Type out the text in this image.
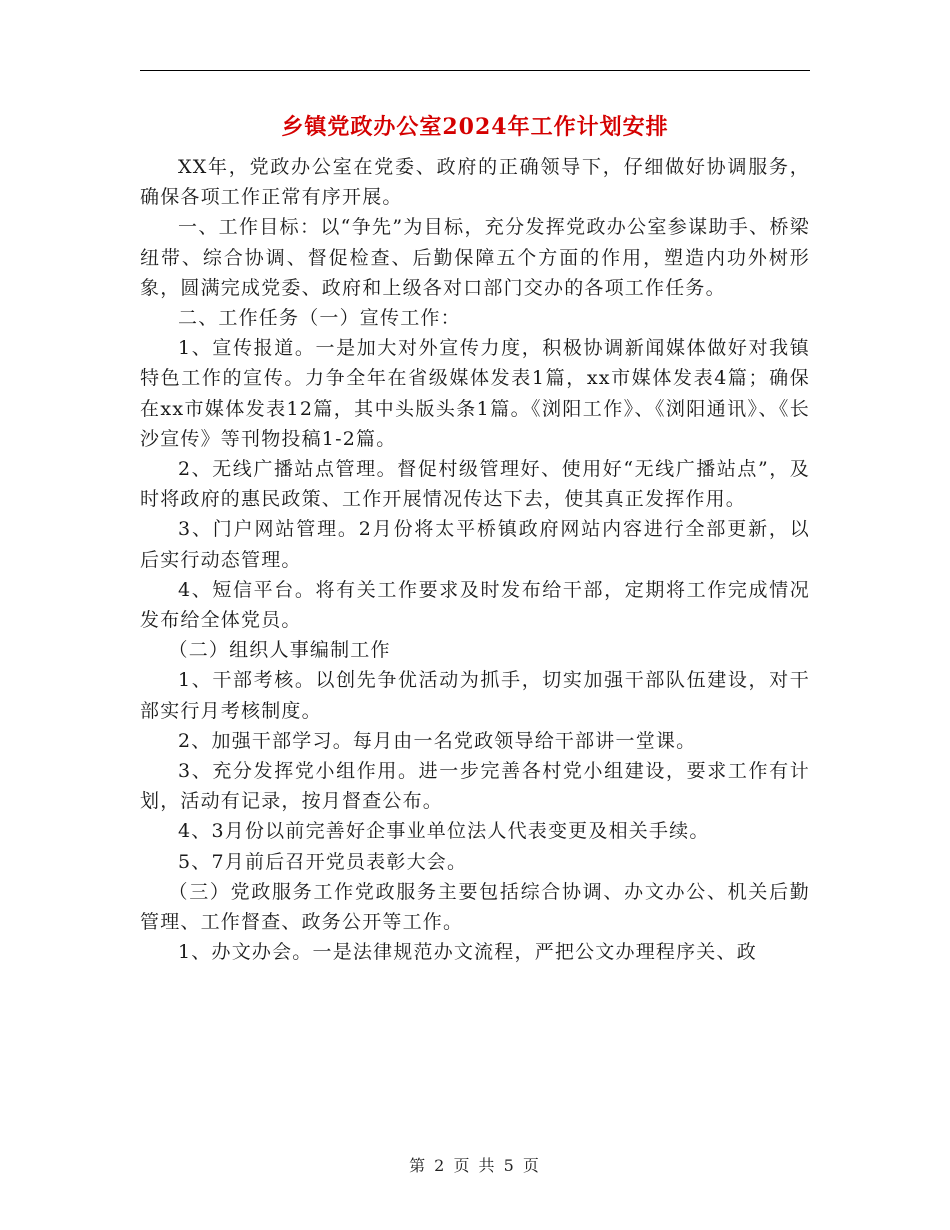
乡镇党政办公室2024年工作计划安排

XX年，党政办公室在党委、政府的正确领导下，仔细做好协调服务，确保各项工作正常有序开展。

一、工作目标：以“争先”为目标，充分发挥党政办公室参谋助手、桥梁纽带、综合协调、督促检查、后勤保障五个方面的作用，塑造内功外树形象，圆满完成党委、政府和上级各对口部门交办的各项工作任务。

二、工作任务（一）宣传工作：

1、宣传报道。一是加大对外宣传力度，积极协调新闻媒体做好对我镇特色工作的宣传。力争全年在省级媒体发表1篇，xx市媒体发表4篇；确保在xx市媒体发表12篇，其中头版头条1篇。《浏阳工作》、《浏阳通讯》、《长沙宣传》等刊物投稿1-2篇。

2、无线广播站点管理。督促村级管理好、使用好“无线广播站点”，及时将政府的惠民政策、工作开展情况传达下去，使其真正发挥作用。

3、门户网站管理。2月份将太平桥镇政府网站内容进行全部更新，以后实行动态管理。

4、短信平台。将有关工作要求及时发布给干部，定期将工作完成情况发布给全体党员。

（二）组织人事编制工作

1、干部考核。以创先争优活动为抓手，切实加强干部队伍建设，对干部实行月考核制度。

2、加强干部学习。每月由一名党政领导给干部讲一堂课。

3、充分发挥党小组作用。进一步完善各村党小组建设，要求工作有计划，活动有记录，按月督查公布。

4、3月份以前完善好企事业单位法人代表变更及相关手续。

5、7月前后召开党员表彰大会。

（三）党政服务工作党政服务主要包括综合协调、办文办公、机关后勤管理、工作督查、政务公开等工作。

1、办文办会。一是法律规范办文流程，严把公文办理程序关、政

第 2 页 共 5 页
